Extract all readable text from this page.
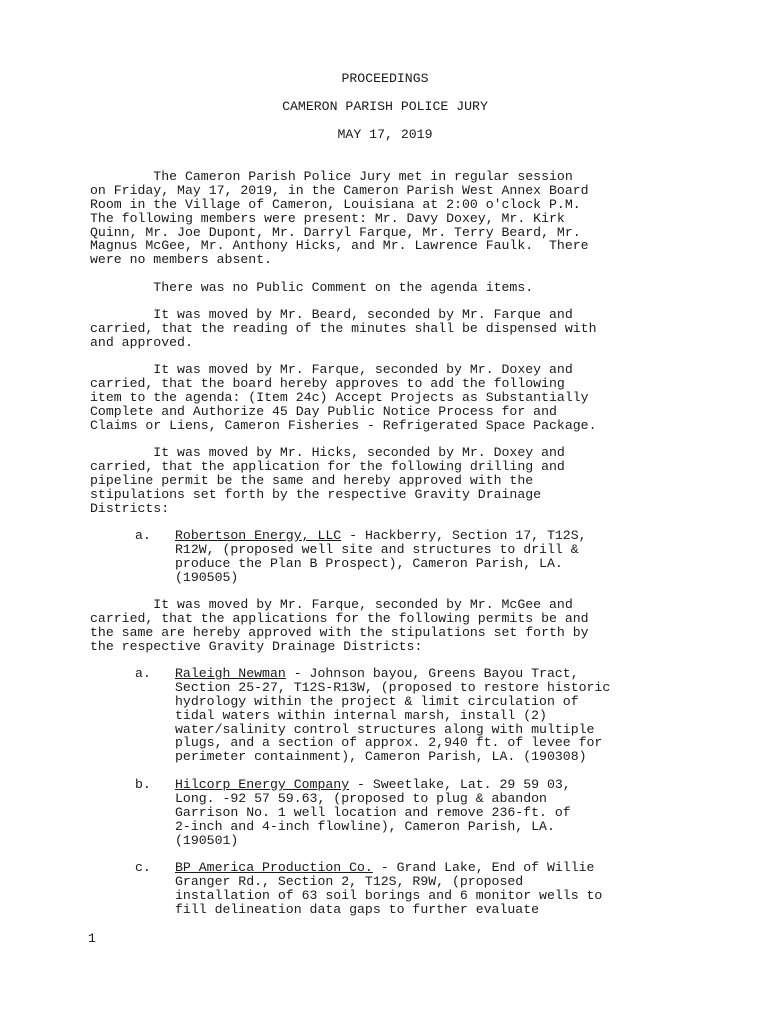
PROCEEDINGS
CAMERON PARISH POLICE JURY
MAY 17, 2019
The Cameron Parish Police Jury met in regular session
on Friday, May 17, 2019, in the Cameron Parish West Annex Board
Room in the Village of Cameron, Louisiana at 2:00 o'clock P.M.
The following members were present: Mr. Davy Doxey, Mr. Kirk
Quinn, Mr. Joe Dupont, Mr. Darryl Farque, Mr. Terry Beard, Mr.
Magnus McGee, Mr. Anthony Hicks, and Mr. Lawrence Faulk.  There
were no members absent.
There was no Public Comment on the agenda items.
It was moved by Mr. Beard, seconded by Mr. Farque and
carried, that the reading of the minutes shall be dispensed with
and approved.
It was moved by Mr. Farque, seconded by Mr. Doxey and
carried, that the board hereby approves to add the following
item to the agenda: (Item 24c) Accept Projects as Substantially
Complete and Authorize 45 Day Public Notice Process for and
Claims or Liens, Cameron Fisheries - Refrigerated Space Package.
It was moved by Mr. Hicks, seconded by Mr. Doxey and
carried, that the application for the following drilling and
pipeline permit be the same and hereby approved with the
stipulations set forth by the respective Gravity Drainage
Districts:
a. Robertson Energy, LLC - Hackberry, Section 17, T12S,
R12W, (proposed well site and structures to drill &
produce the Plan B Prospect), Cameron Parish, LA.
(190505)
It was moved by Mr. Farque, seconded by Mr. McGee and
carried, that the applications for the following permits be and
the same are hereby approved with the stipulations set forth by
the respective Gravity Drainage Districts:
a. Raleigh Newman - Johnson bayou, Greens Bayou Tract,
Section 25-27, T12S-R13W, (proposed to restore historic
hydrology within the project & limit circulation of
tidal waters within internal marsh, install (2)
water/salinity control structures along with multiple
plugs, and a section of approx. 2,940 ft. of levee for
perimeter containment), Cameron Parish, LA. (190308)
b. Hilcorp Energy Company - Sweetlake, Lat. 29 59 03,
Long. -92 57 59.63, (proposed to plug & abandon
Garrison No. 1 well location and remove 236-ft. of
2-inch and 4-inch flowline), Cameron Parish, LA.
(190501)
c. BP America Production Co. - Grand Lake, End of Willie
Granger Rd., Section 2, T12S, R9W, (proposed
installation of 63 soil borings and 6 monitor wells to
fill delineation data gaps to further evaluate
1
